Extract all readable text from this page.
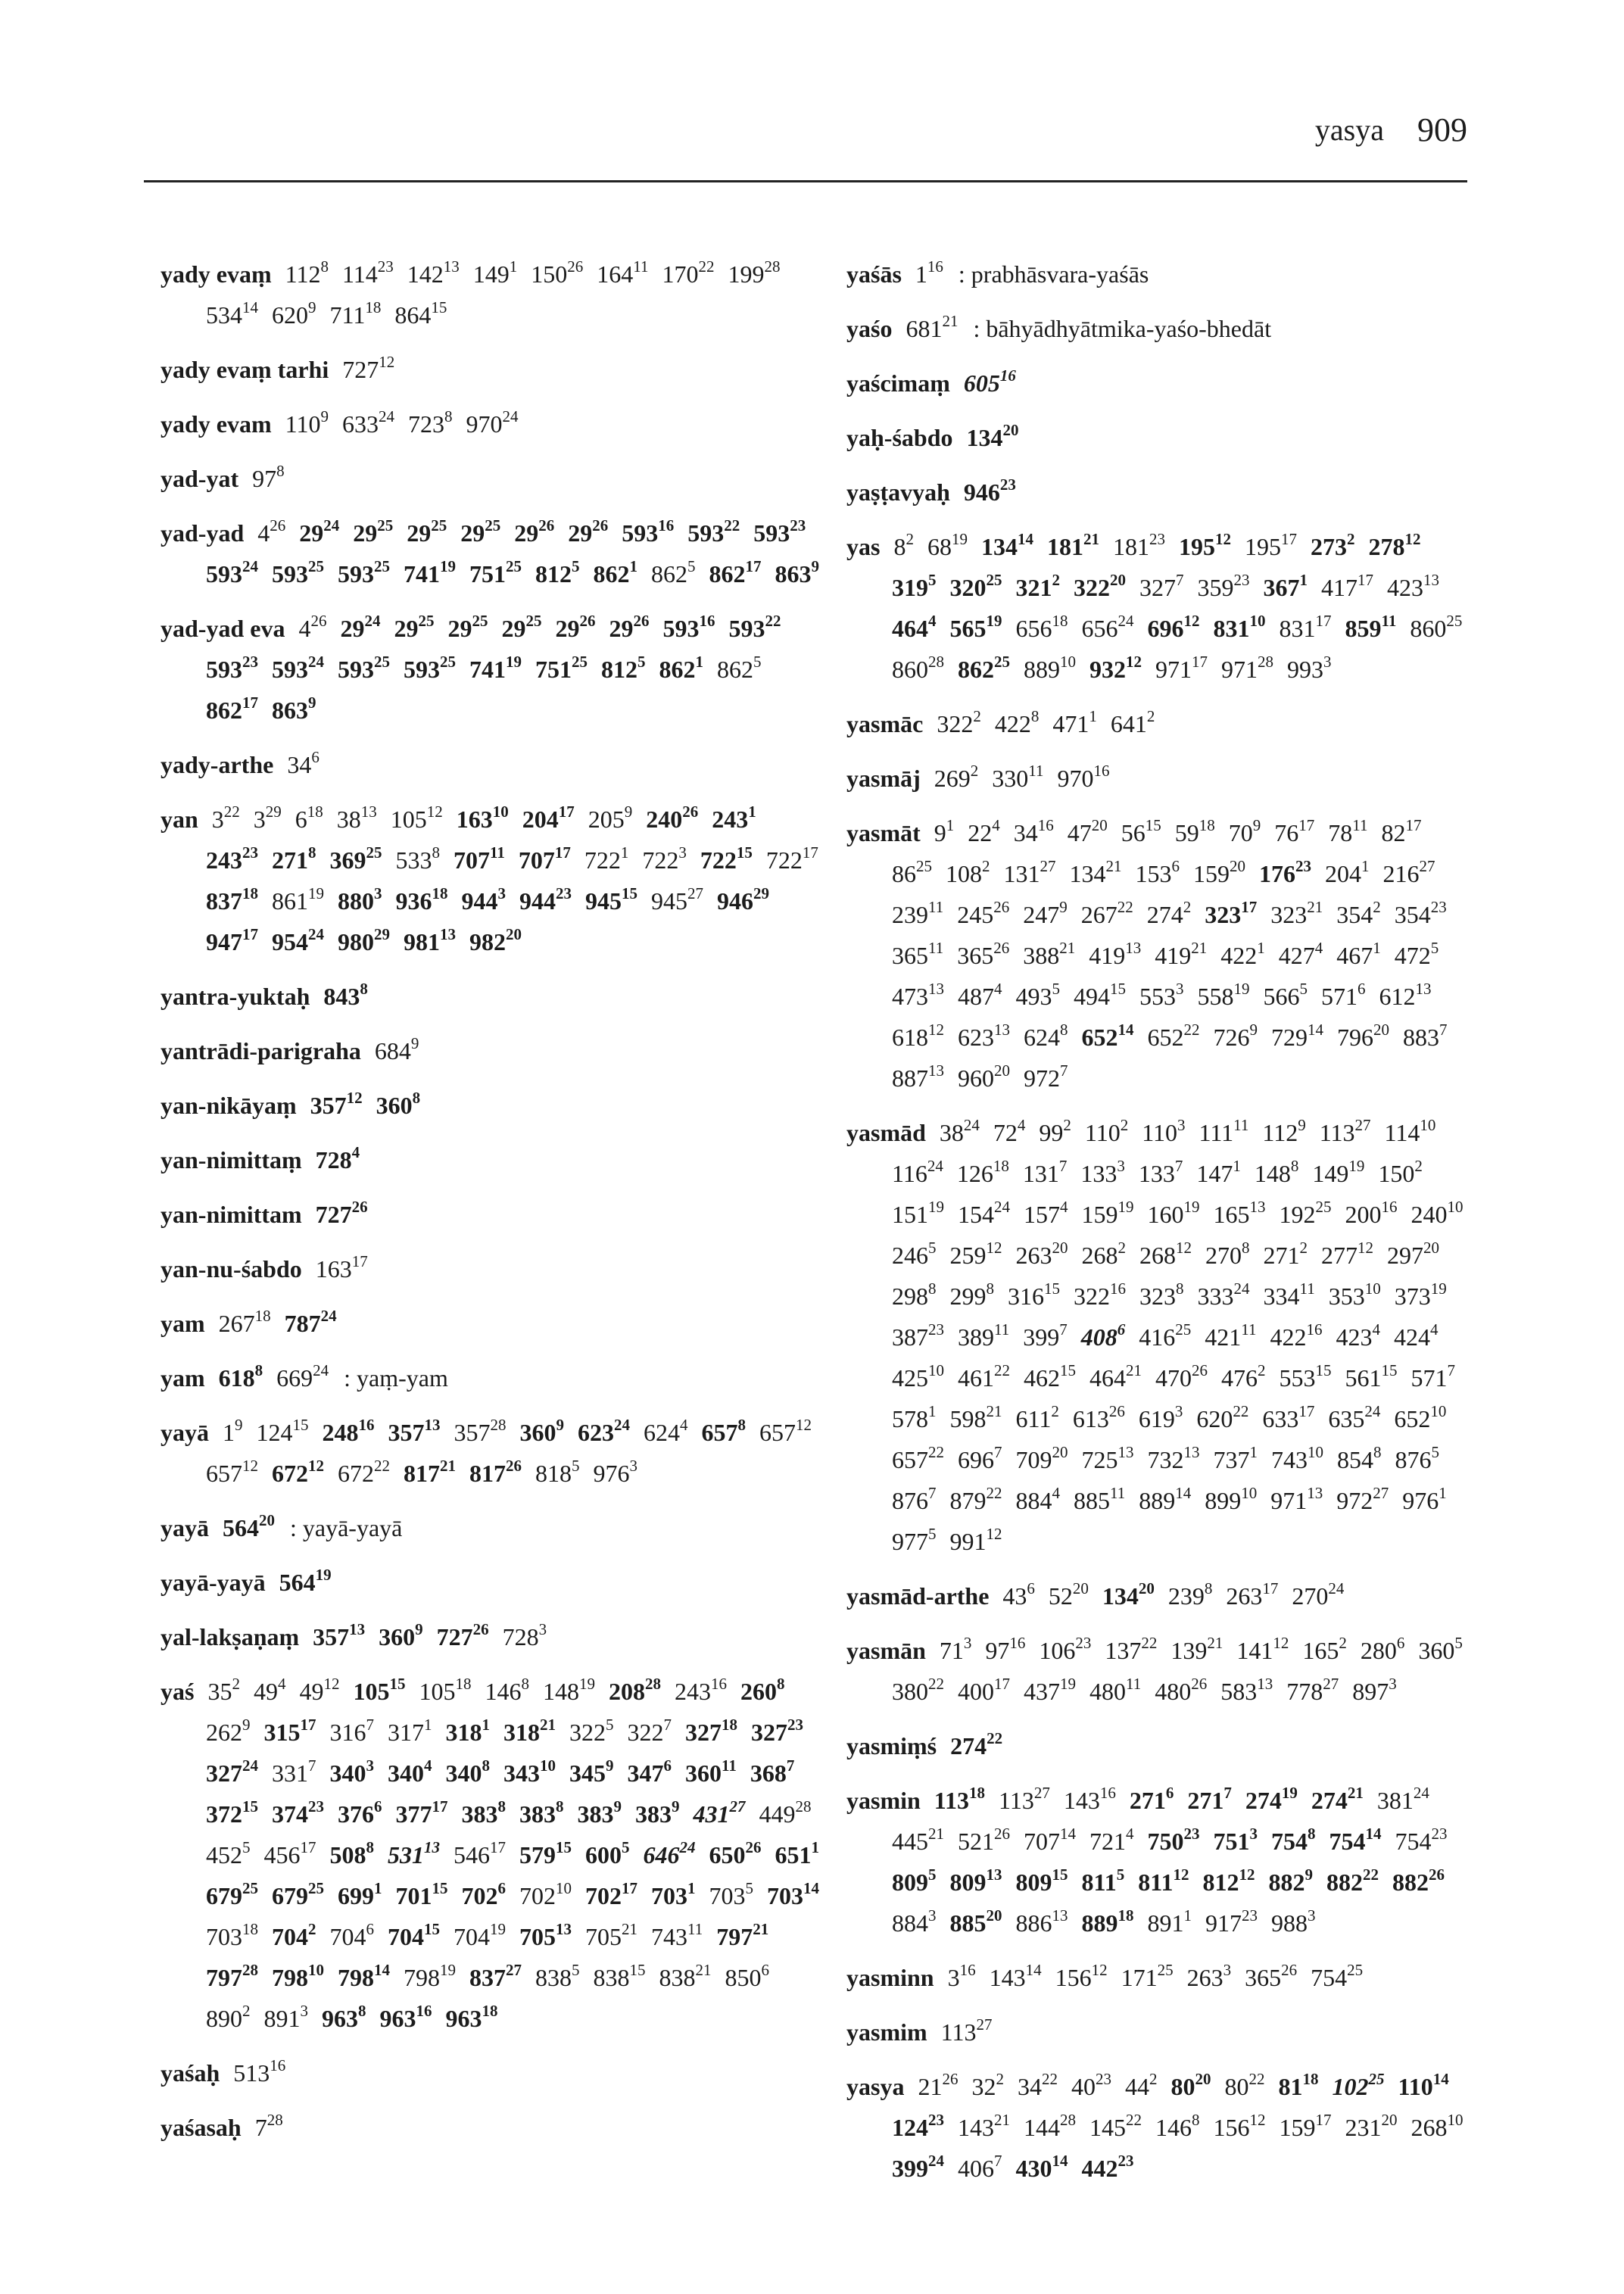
yasya 909
yady evaṃ $112^8$ $114^{23}$ $142^{13}$ $149^1$ $150^{26}$ $164^{11}$ $170^{22}$ $199^{28}$ $534^{14}$ $620^9$ $711^{18}$ $864^{15}$
yady evaṃ tarhi $727^{12}$
yady evam $110^9$ $633^{24}$ $723^8$ $970^{24}$
yad-yat $97^8$
yad-yad $4^{26}$ $29^{24}$ $29^{25}$ $29^{25}$ $29^{25}$ $29^{26}$ $29^{26}$ $593^{16}$ $593^{22}$ $593^{23}$ $593^{24}$ $593^{25}$ $593^{25}$ $741^{19}$ $751^{25}$ $812^5$ $862^1$ $862^5$ $862^{17}$ $863^9$
yad-yad eva $4^{26}$ $29^{24}$ $29^{25}$ $29^{25}$ $29^{25}$ $29^{26}$ $29^{26}$ $593^{16}$ $593^{22}$ $593^{23}$ $593^{24}$ $593^{25}$ $593^{25}$ $741^{19}$ $751^{25}$ $812^5$ $862^1$ $862^5$ $862^{17}$ $863^9$
yady-arthe $34^6$
yan $3^{22}$ $3^{29}$ $6^{18}$ $38^{13}$ $105^{12}$ $163^{10}$ $204^{17}$ $205^9$ $240^{26}$ $243^1$ $243^{23}$ $271^8$ $369^{25}$ $533^8$ $707^{11}$ $707^{17}$ $722^1$ $722^3$ $722^{15}$ $722^{17}$ $837^{18}$ $861^{19}$ $880^3$ $936^{18}$ $944^3$ $944^{23}$ $945^{15}$ $945^{27}$ $946^{29}$ $947^{17}$ $954^{24}$ $980^{29}$ $981^{13}$ $982^{20}$
yantra-yuktaḥ $843^8$
yantrādi-parigraha $684^9$
yan-nikāyaṃ $357^{12}$ $360^8$
yan-nimittaṃ $728^4$
yan-nimittam $727^{26}$
yan-nu-śabdo $163^{17}$
yam $267^{18}$ $787^{24}$
yam $618^8$ $669^{24}$ : yaṃ-yam
yayā $1^9$ $124^{15}$ $248^{16}$ $357^{13}$ $357^{28}$ $360^9$ $623^{24}$ $624^4$ $657^8$ $657^{12}$ $657^{12}$ $672^{12}$ $672^{22}$ $817^{21}$ $817^{26}$ $818^5$ $976^3$
yayā $564^{20}$ : yayā-yayā
yayā-yayā $564^{19}$
yal-lakṣaṇaṃ $357^{13}$ $360^9$ $727^{26}$ $728^3$
yaś $35^2$ $49^4$ $49^{12}$ $105^{15}$ $105^{18}$ $146^8$ $148^{19}$ $208^{28}$ $243^{16}$ $260^8$ $262^9$ $315^{17}$ $316^7$ $317^1$ $318^1$ $318^{21}$ $322^5$ $322^7$ $327^{18}$ $327^{23}$ $327^{24}$ $331^7$ $340^3$ $340^4$ $340^8$ $343^{10}$ $345^9$ $347^6$ $360^{11}$ $368^7$ $372^{15}$ $374^{23}$ $376^6$ $377^{17}$ $383^8$ $383^8$ $383^9$ $383^9$ $431^{27}$ $449^{28}$ $452^5$ $456^{17}$ $508^8$ $531^{13}$ $546^{17}$ $579^{15}$ $600^5$ $646^{24}$ $650^{26}$ $651^1$ $679^{25}$ $679^{25}$ $699^1$ $701^{15}$ $702^6$ $702^{10}$ $702^{17}$ $703^1$ $703^5$ $703^{14}$ $703^{18}$ $704^2$ $704^6$ $704^{15}$ $704^{19}$ $705^{13}$ $705^{21}$ $743^{11}$ $797^{21}$ $797^{28}$ $798^{10}$ $798^{14}$ $798^{19}$ $837^{27}$ $838^5$ $838^{15}$ $838^{21}$ $850^6$ $890^2$ $891^3$ $963^8$ $963^{16}$ $963^{18}$
yaśaḥ $513^{16}$
yaśasaḥ $7^{28}$
yaśās $1^{16}$ : prabhāsvara-yaśās
yaśo $681^{21}$ : bāhyādhyātmika-yaśo-bhedāt
yaścimaṃ $605^{16}$
yaḥ-śabdo $134^{20}$
yaṣṭavyaḥ $946^{23}$
yas $8^2$ $68^{19}$ $134^{14}$ $181^{21}$ $181^{23}$ $195^{12}$ $195^{17}$ $273^2$ $278^{12}$ $319^5$ $320^{25}$ $321^2$ $322^{20}$ $327^7$ $359^{23}$ $367^1$ $417^{17}$ $423^{13}$ $464^4$ $565^{19}$ $656^{18}$ $656^{24}$ $696^{12}$ $831^{10}$ $831^{17}$ $859^{11}$ $860^{25}$ $860^{28}$ $862^{25}$ $889^{10}$ $932^{12}$ $971^{17}$ $971^{28}$ $993^3$
yasmāc $322^2$ $422^8$ $471^1$ $641^2$
yasmāj $269^2$ $330^{11}$ $970^{16}$
yasmāt $9^1$ $22^4$ $34^{16}$ $47^{20}$ $56^{15}$ $59^{18}$ $70^9$ $76^{17}$ $78^{11}$ $82^{17}$ $86^{25}$ $108^2$ $131^{27}$ $134^{21}$ $153^6$ $159^{20}$ $176^{23}$ $204^1$ $216^{27}$ $239^{11}$ $245^{26}$ $247^9$ $267^{22}$ $274^2$ $323^{17}$ $323^{21}$ $354^2$ $354^{23}$ $365^{11}$ $365^{26}$ $388^{21}$ $419^{13}$ $419^{21}$ $422^1$ $427^4$ $467^1$ $472^5$ $473^{13}$ $487^4$ $493^5$ $494^{15}$ $553^3$ $558^{19}$ $566^5$ $571^6$ $612^{13}$ $618^{12}$ $623^{13}$ $624^8$ $652^{14}$ $652^{22}$ $726^9$ $729^{14}$ $796^{20}$ $883^7$ $887^{13}$ $960^{20}$ $972^7$
yasmād $38^{24}$ $72^4$ $99^2$ $110^2$ $110^3$ $111^{11}$ $112^9$ $113^{27}$ $114^{10}$ $116^{24}$ $126^{18}$ $131^7$ $133^3$ $133^7$ $147^1$ $148^8$ $149^{19}$ $150^2$ $151^{19}$ $154^{24}$ $157^4$ $159^{19}$ $160^{19}$ $165^{13}$ $192^{25}$ $200^{16}$ $240^{10}$ $246^5$ $259^{12}$ $263^{20}$ $268^2$ $268^{12}$ $270^8$ $271^2$ $277^{12}$ $297^{20}$ $298^8$ $299^8$ $316^{15}$ $322^{16}$ $323^8$ $333^{24}$ $334^{11}$ $353^{10}$ $373^{19}$ $387^{23}$ $389^{11}$ $399^7$ $408^6$ $416^{25}$ $421^{11}$ $422^{16}$ $423^4$ $424^4$ $425^{10}$ $461^{22}$ $462^{15}$ $464^{21}$ $470^{26}$ $476^2$ $553^{15}$ $561^{15}$ $571^7$ $578^1$ $598^{21}$ $611^2$ $613^{26}$ $619^3$ $620^{22}$ $633^{17}$ $635^{24}$ $652^{10}$ $657^{22}$ $696^7$ $709^{20}$ $725^{13}$ $732^{13}$ $737^1$ $743^{10}$ $854^8$ $876^5$ $876^7$ $879^{22}$ $884^4$ $885^{11}$ $889^{14}$ $899^{10}$ $971^{13}$ $972^{27}$ $976^1$ $977^5$ $991^{12}$
yasmād-arthe $43^6$ $52^{20}$ $134^{20}$ $239^8$ $263^{17}$ $270^{24}$
yasmān $71^3$ $97^{16}$ $106^{23}$ $137^{22}$ $139^{21}$ $141^{12}$ $165^2$ $280^6$ $360^5$ $380^{22}$ $400^{17}$ $437^{19}$ $480^{11}$ $480^{26}$ $583^{13}$ $778^{27}$ $897^3$
yasmiṃś $274^{22}$
yasmin $113^{18}$ $113^{27}$ $143^{16}$ $271^6$ $271^7$ $274^{19}$ $274^{21}$ $381^{24}$ $445^{21}$ $521^{26}$ $707^{14}$ $721^4$ $750^{23}$ $751^3$ $754^8$ $754^{14}$ $754^{23}$ $809^5$ $809^{13}$ $809^{15}$ $811^5$ $811^{12}$ $812^{12}$ $882^9$ $882^{22}$ $882^{26}$ $884^3$ $885^{20}$ $886^{13}$ $889^{18}$ $891^1$ $917^{23}$ $988^3$
yasminn $3^{16}$ $143^{14}$ $156^{12}$ $171^{25}$ $263^3$ $365^{26}$ $754^{25}$
yasmim $113^{27}$
yasya $21^{26}$ $32^2$ $34^{22}$ $40^{23}$ $44^2$ $80^{20}$ $80^{22}$ $81^{18}$ $102^{25}$ $110^{14}$ $124^{23}$ $143^{21}$ $144^{28}$ $145^{22}$ $146^8$ $156^{12}$ $159^{17}$ $231^{20}$ $268^{10}$ $399^{24}$ $406^7$ $430^{14}$ $442^{23}$
